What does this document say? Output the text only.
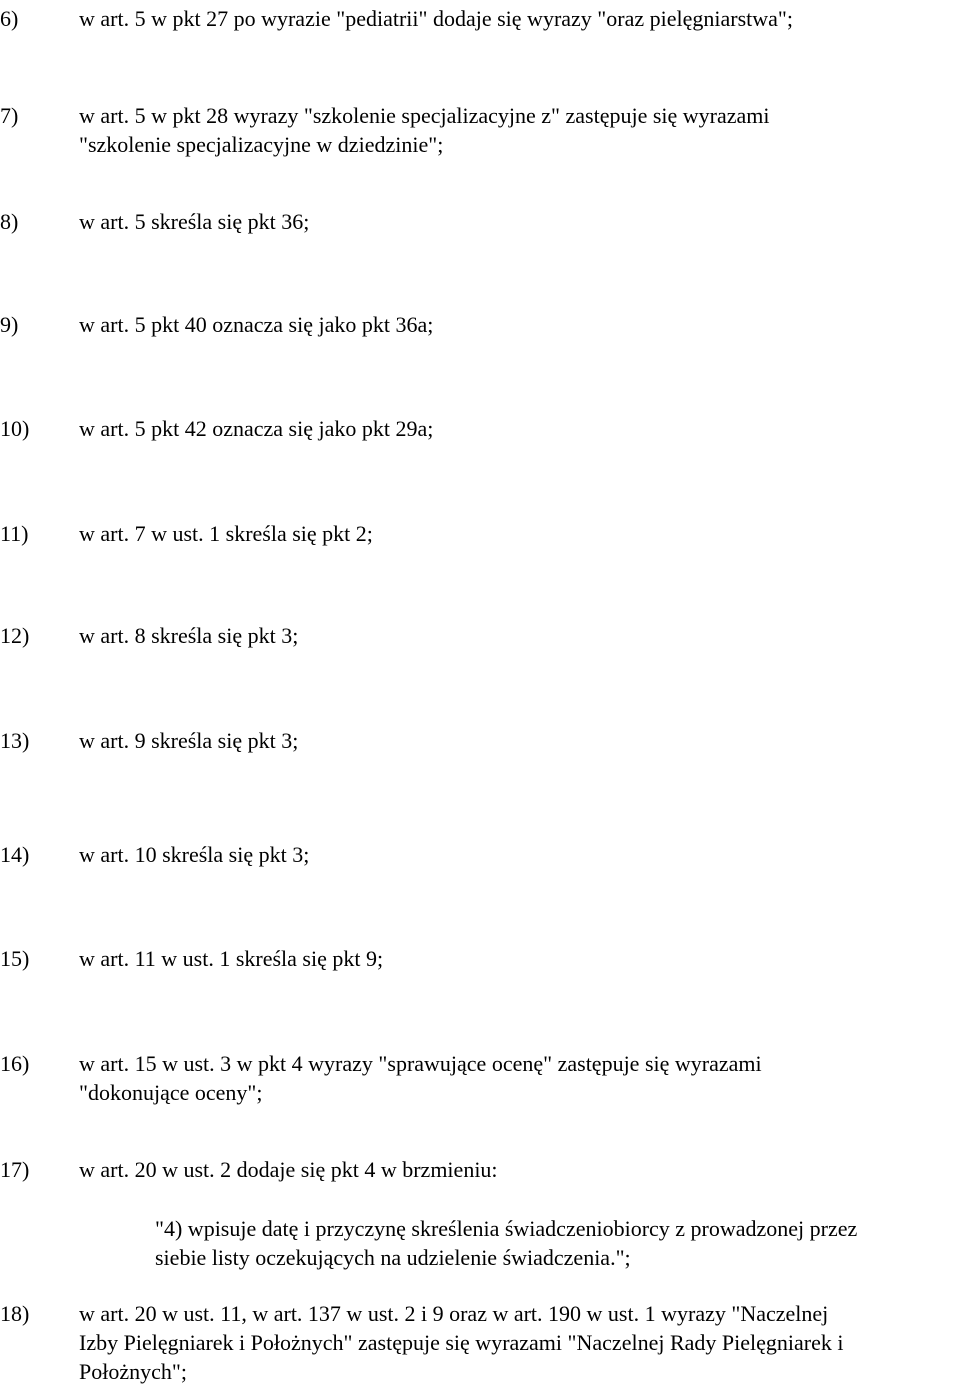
6)	w art. 5 w pkt 27 po wyrazie "pediatrii" dodaje się wyrazy "oraz pielęgniarstwa";
7)	w art. 5 w pkt 28 wyrazy "szkolenie specjalizacyjne z" zastępuje się wyrazami
"szkolenie specjalizacyjne w dziedzinie";
8)	w art. 5 skreśla się pkt 36;
9)	w art. 5 pkt 40 oznacza się jako pkt 36a;
10) w art. 5 pkt 42 oznacza się jako pkt 29a;
11) w art. 7 w ust. 1 skreśla się pkt 2;
12) w art. 8 skreśla się pkt 3;
13) w art. 9 skreśla się pkt 3;
14) w art. 10 skreśla się pkt 3;
15) w art. 11 w ust. 1 skreśla się pkt 9;
16) w art. 15 w ust. 3 w pkt 4 wyrazy "sprawujące ocenę" zastępuje się wyrazami
"dokonujące oceny";
17) w art. 20 w ust. 2 dodaje się pkt 4 w brzmieniu:
"4) wpisuje datę i przyczynę skreślenia świadczeniobiorcy z prowadzonej przez
siebie listy oczekujących na udzielenie świadczenia.";
18) w art. 20 w ust. 11, w art. 137 w ust. 2 i 9 oraz w art. 190 w ust. 1 wyrazy "Naczelnej
Izby Pielęgniarek i Położnych" zastępuje się wyrazami "Naczelnej Rady Pielęgniarek i
Położnych";
